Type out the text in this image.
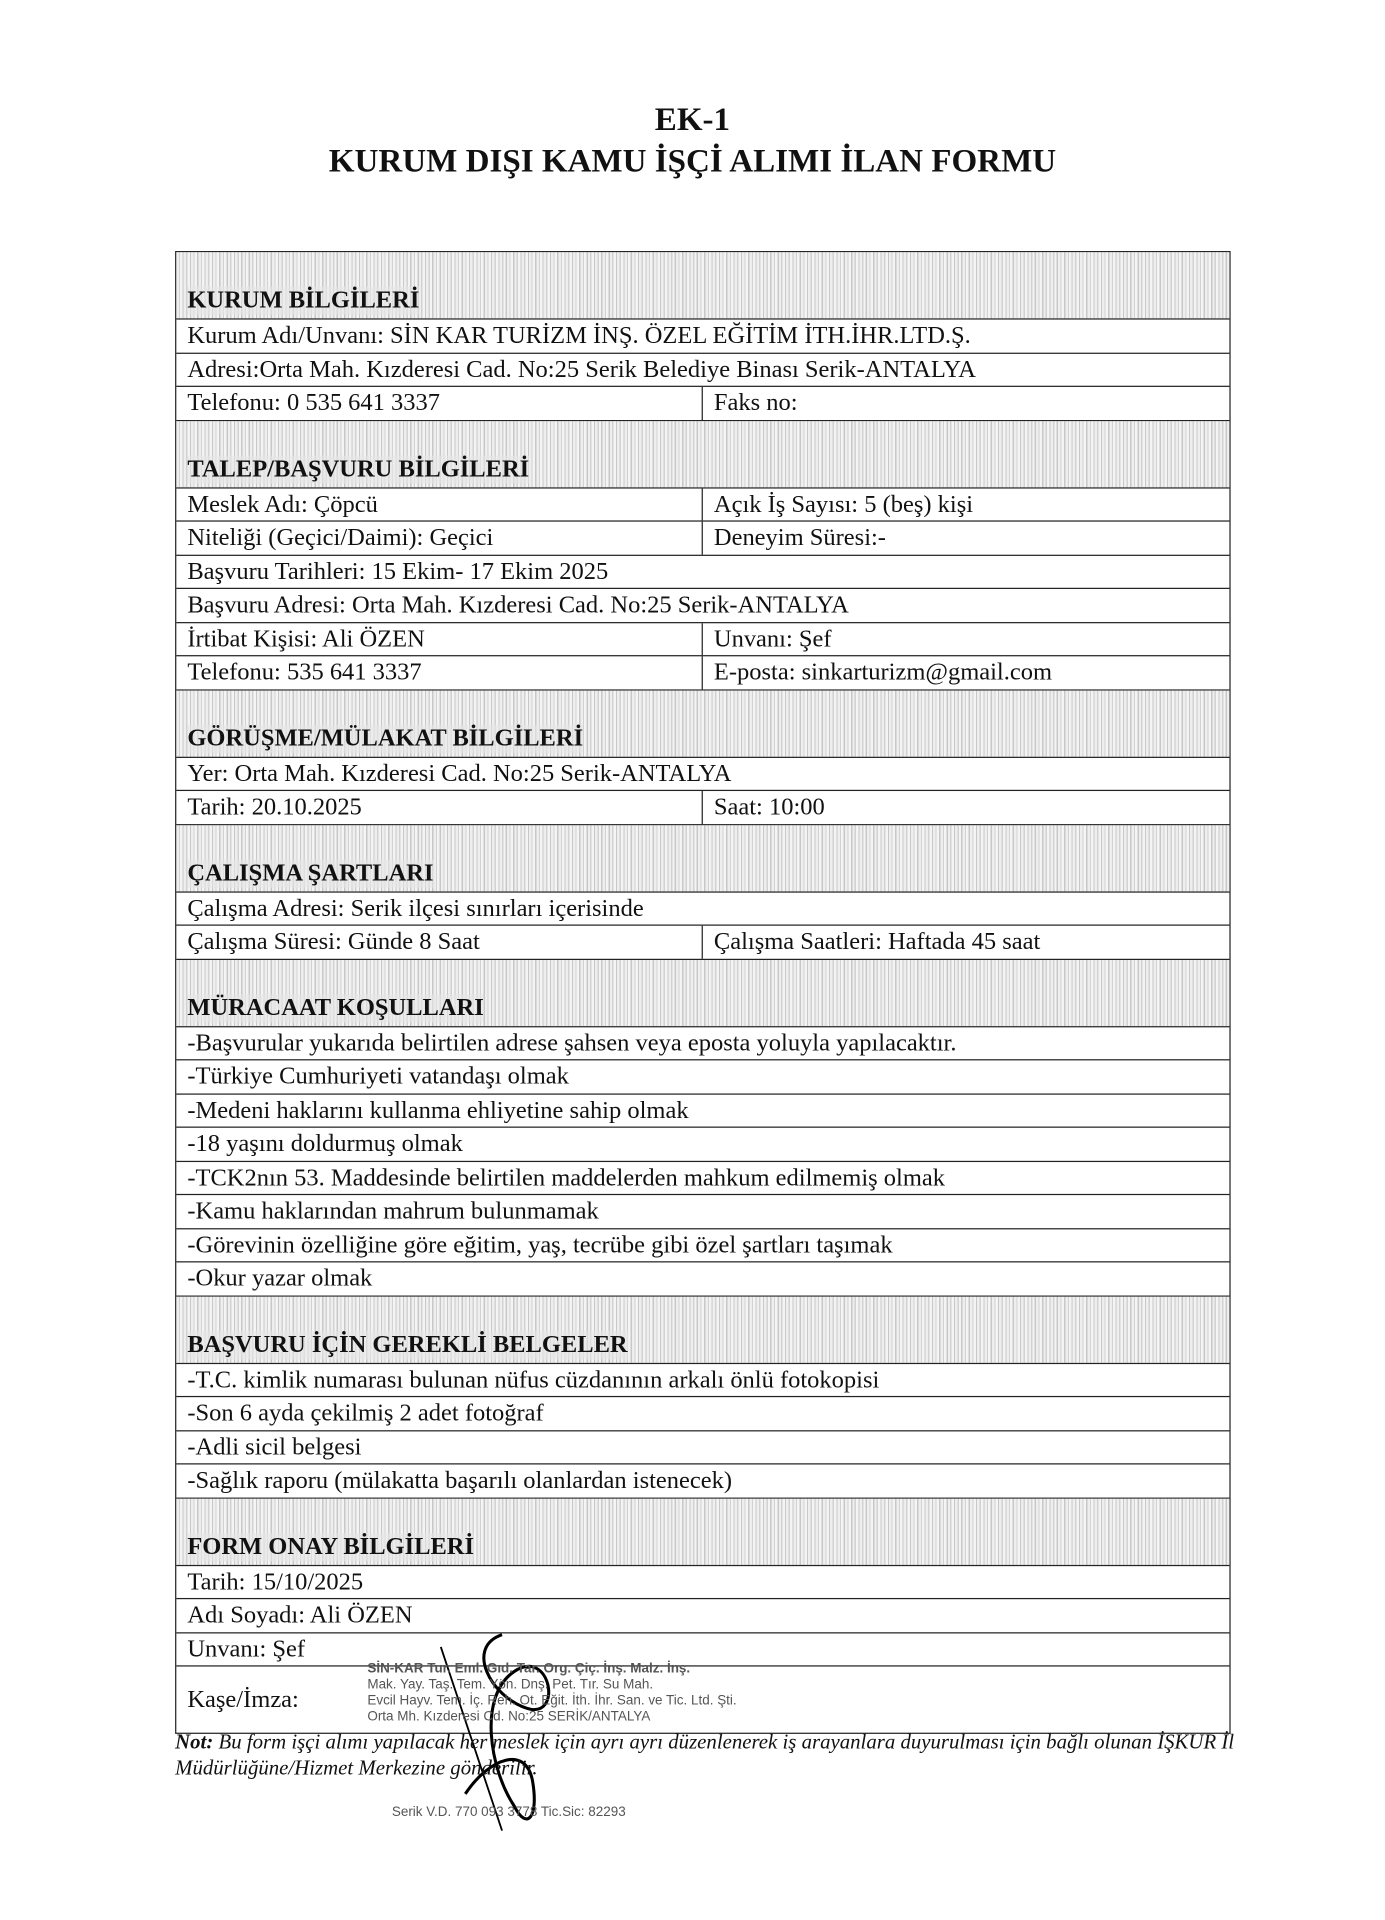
EK-1
KURUM DIŞI KAMU İŞÇİ ALIMI İLAN FORMU
KURUM BİLGİLERİ
Kurum Adı/Unvanı: SİN KAR TURİZM İNŞ. ÖZEL EĞİTİM İTH.İHR.LTD.Ş.
Adresi:Orta Mah. Kızderesi Cad. No:25 Serik Belediye Binası Serik-ANTALYA
Telefonu: 0 535 641 3337	Faks no:
TALEP/BAŞVURU BİLGİLERİ
Meslek Adı: Çöpcü	Açık İş Sayısı: 5 (beş) kişi
Niteliği (Geçici/Daimi): Geçici	Deneyim Süresi:-
Başvuru Tarihleri: 15 Ekim- 17 Ekim 2025
Başvuru Adresi: Orta Mah. Kızderesi Cad. No:25 Serik-ANTALYA
İrtibat Kişisi: Ali ÖZEN	Unvanı: Şef
Telefonu: 535 641 3337	E-posta: sinkarturizm@gmail.com
GÖRÜŞME/MÜLAKAT BİLGİLERİ
Yer: Orta Mah. Kızderesi Cad. No:25 Serik-ANTALYA
Tarih: 20.10.2025	Saat: 10:00
ÇALIŞMA ŞARTLARI
Çalışma Adresi: Serik ilçesi sınırları içerisinde
Çalışma Süresi: Günde 8 Saat	Çalışma Saatleri: Haftada 45 saat
MÜRACAAT KOŞULLARI
-Başvurular yukarıda belirtilen adrese şahsen veya eposta yoluyla yapılacaktır.
-Türkiye Cumhuriyeti vatandaşı olmak
-Medeni haklarını kullanma ehliyetine sahip olmak
-18 yaşını doldurmuş olmak
-TCK2nın 53. Maddesinde belirtilen maddelerden mahkum edilmemiş olmak
-Kamu haklarından mahrum bulunmamak
-Görevinin özelliğine göre eğitim, yaş, tecrübe gibi özel şartları taşımak
-Okur yazar olmak
BAŞVURU İÇİN GEREKLİ BELGELER
-T.C. kimlik numarası bulunan nüfus cüzdanının arkalı önlü fotokopisi
-Son 6 ayda çekilmiş 2 adet fotoğraf
-Adli sicil belgesi
-Sağlık raporu (mülakatta başarılı olanlardan istenecek)
FORM ONAY BİLGİLERİ
Tarih: 15/10/2025
Adı Soyadı: Ali ÖZEN
Unvanı: Şef
Kaşe/İmza:
SİN-KAR Tur. Eml. Gıd. Tar. Org. Çiç. İnş. Malz. İnş.
Mak. Yay. Taş. Tem. Yön. Dnş. Pet. Tır. Su Mah.
Evcil Hayv. Tem. İç. Reh. Ot. Eğit. İth. İhr. San. ve Tic. Ltd. Şti.
Orta Mh. Kızderesi Cd. No:25 SERİK/ANTALYA
Not: Bu form işçi alımı yapılacak her meslek için ayrı ayrı düzenlenerek iş arayanlara duyurulması için bağlı olunan İŞKUR İl Müdürlüğüne/Hizmet Merkezine gönderilir.
Serik V.D. 770 093 3778 Tic.Sic: 82293
